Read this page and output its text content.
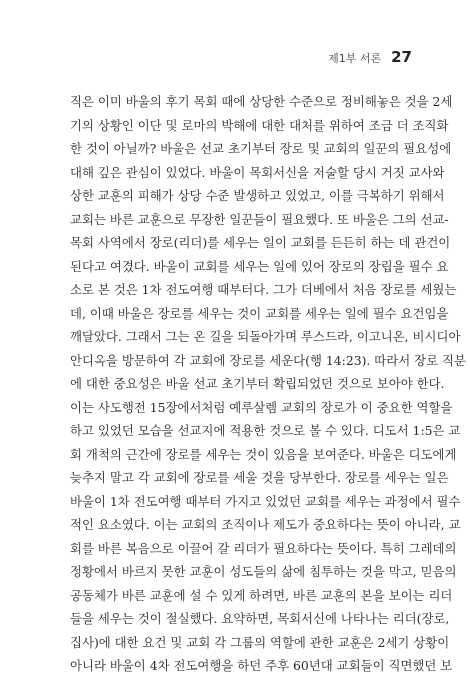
제1부 서론 27
직은 이미 바울의 후기 목회 때에 상당한 수준으로 정비해놓은 것을 2세
기의 상황인 이단 및 로마의 박해에 대한 대처를 위하여 조금 더 조직화
한 것이 아닐까? 바울은 선교 초기부터 장로 및 교회의 일꾼의 필요성에
대해 깊은 관심이 있었다. 바울이 목회서신을 저술할 당시 거짓 교사와
상한 교훈의 피해가 상당 수준 발생하고 있었고, 이를 극복하기 위해서
교회는 바른 교훈으로 무장한 일꾼들이 필요했다. 또 바울은 그의 선교-
목회 사역에서 장로(리더)를 세우는 일이 교회를 든든히 하는 데 관건이
된다고 여겼다. 바울이 교회를 세우는 일에 있어 장로의 장립을 필수 요
소로 본 것은 1차 전도여행 때부터다. 그가 더베에서 처음 장로를 세웠는
데, 이때 바울은 장로를 세우는 것이 교회를 세우는 일에 필수 요건임을
깨달았다. 그래서 그는 온 길을 되돌아가며 루스드라, 이고니온, 비시디아
안디옥을 방문하여 각 교회에 장로를 세운다(행 14:23). 따라서 장로 직분
에 대한 중요성은 바울 선교 초기부터 확립되었던 것으로 보아야 한다.
이는 사도행전 15장에서처럼 예루살렘 교회의 장로가 이 중요한 역할을
하고 있었던 모습을 선교지에 적용한 것으로 볼 수 있다. 디도서 1:5은 교
회 개척의 근간에 장로를 세우는 것이 있음을 보여준다. 바울은 디도에게
늦추지 말고 각 교회에 장로를 세울 것을 당부한다. 장로를 세우는 일은
바울이 1차 전도여행 때부터 가지고 있었던 교회를 세우는 과정에서 필수
적인 요소였다. 이는 교회의 조직이나 제도가 중요하다는 뜻이 아니라, 교
회를 바른 복음으로 이끌어 갈 리더가 필요하다는 뜻이다. 특히 그레데의
정황에서 바르지 못한 교훈이 성도들의 삶에 침투하는 것을 막고, 믿음의
공동체가 바른 교훈에 설 수 있게 하려면, 바른 교훈의 본을 보이는 리더
들을 세우는 것이 절실했다. 요약하면, 목회서신에 나타나는 리더(장로,
집사)에 대한 요건 및 교회 각 그룹의 역할에 관한 교훈은 2세기 상황이
아니라 바울이 4차 전도여행을 하던 주후 60년대 교회들이 직면했던 보
